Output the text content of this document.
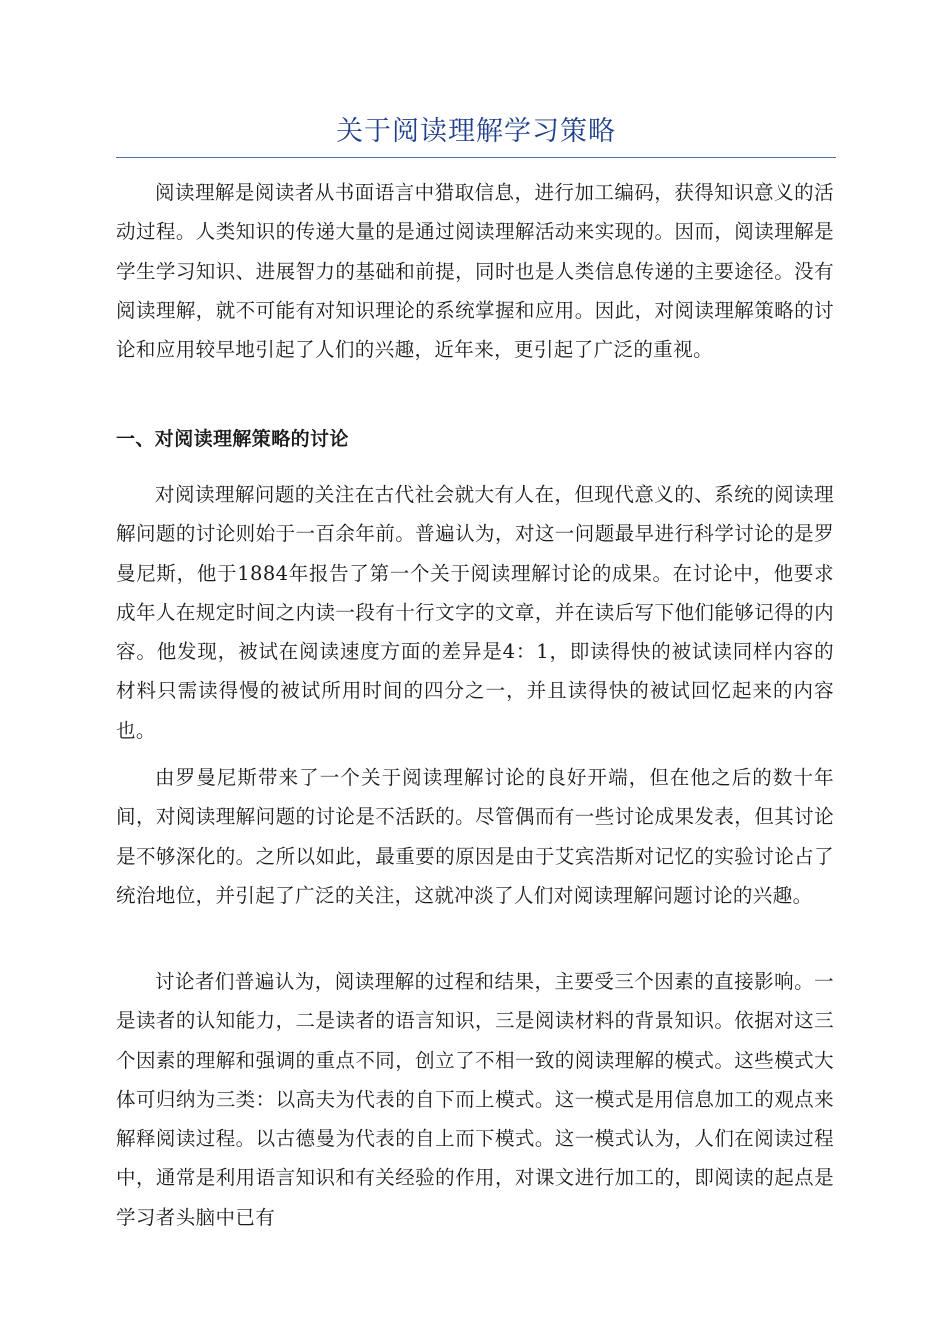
关于阅读理解学习策略

阅读理解是阅读者从书面语言中猎取信息，进行加工编码，获得知识意义的活动过程。人类知识的传递大量的是通过阅读理解活动来实现的。因而，阅读理解是学生学习知识、进展智力的基础和前提，同时也是人类信息传递的主要途径。没有阅读理解，就不可能有对知识理论的系统掌握和应用。因此，对阅读理解策略的讨论和应用较早地引起了人们的兴趣，近年来，更引起了广泛的重视。

一、对阅读理解策略的讨论

对阅读理解问题的关注在古代社会就大有人在，但现代意义的、系统的阅读理解问题的讨论则始于一百余年前。普遍认为，对这一问题最早进行科学讨论的是罗曼尼斯，他于1884年报告了第一个关于阅读理解讨论的成果。在讨论中，他要求成年人在规定时间之内读一段有十行文字的文章，并在读后写下他们能够记得的内容。他发现，被试在阅读速度方面的差异是4：1，即读得快的被试读同样内容的材料只需读得慢的被试所用时间的四分之一，并且读得快的被试回忆起来的内容也。

由罗曼尼斯带来了一个关于阅读理解讨论的良好开端，但在他之后的数十年间，对阅读理解问题的讨论是不活跃的。尽管偶而有一些讨论成果发表，但其讨论是不够深化的。之所以如此，最重要的原因是由于艾宾浩斯对记忆的实验讨论占了统治地位，并引起了广泛的关注，这就冲淡了人们对阅读理解问题讨论的兴趣。

讨论者们普遍认为，阅读理解的过程和结果，主要受三个因素的直接影响。一是读者的认知能力，二是读者的语言知识，三是阅读材料的背景知识。依据对这三个因素的理解和强调的重点不同，创立了不相一致的阅读理解的模式。这些模式大体可归纳为三类：以高夫为代表的自下而上模式。这一模式是用信息加工的观点来解释阅读过程。以古德曼为代表的自上而下模式。这一模式认为，人们在阅读过程中，通常是利用语言知识和有关经验的作用，对课文进行加工的，即阅读的起点是学习者头脑中已有
